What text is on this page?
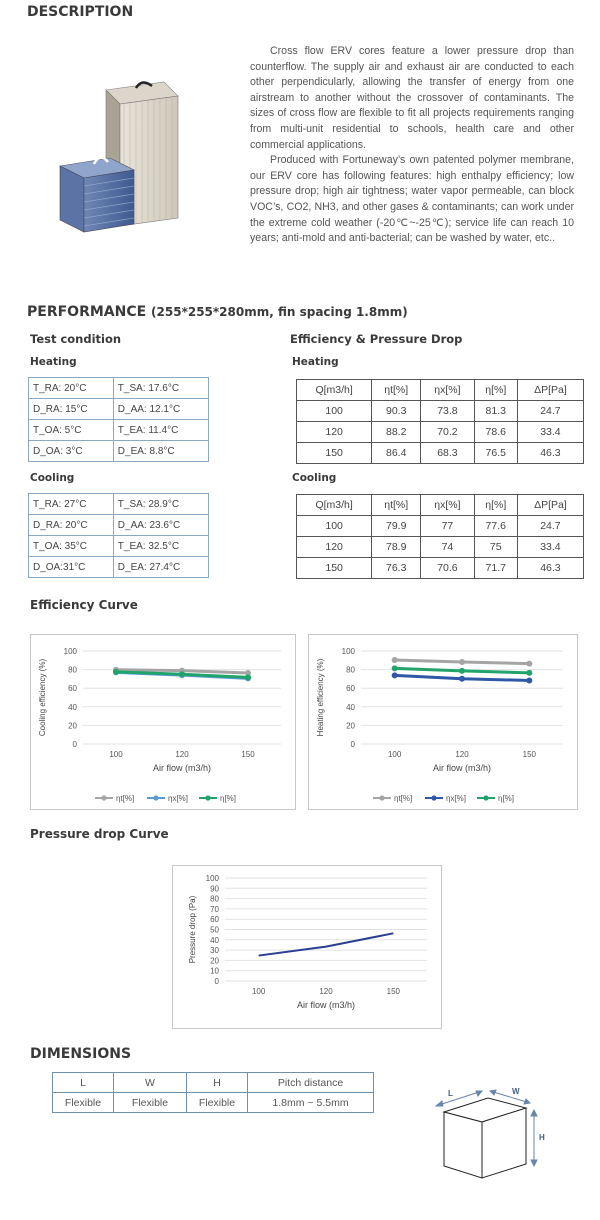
DESCRIPTION

Cross flow ERV cores feature a lower pressure drop than counterflow. The supply air and exhaust air are conducted to each other perpendicularly, allowing the transfer of energy from one airstream to another without the crossover of contaminants. The sizes of cross flow are flexible to fit all projects requirements ranging from multi-unit residential to schools, health care and other commercial applications.

Produced with Fortuneway’s own patented polymer membrane, our ERV core has following features: high enthalpy efficiency; low pressure drop; high air tightness; water vapor permeable, can block VOC’s, CO2, NH3, and other gases & contaminants; can work under the extreme cold weather (-20℃~-25℃); service life can reach 10 years; anti-mold and anti-bacterial; can be washed by water, etc..

PERFORMANCE (255*255*280mm, fin spacing 1.8mm)
Test condition	Efficiency & Pressure Drop
Heating	Heating
T_RA: 20°C	T_SA: 17.6°C
D_RA: 15°C	D_AA: 12.1°C
T_OA: 5°C	T_EA: 11.4°C
D_OA: 3°C	D_EA: 8.8°C
Q[m3/h]	ηt[%]	ηx[%]	η[%]	ΔP[Pa]
100	90.3	73.8	81.3	24.7
120	88.2	70.2	78.6	33.4
150	86.4	68.3	76.5	46.3
Cooling	Cooling
T_RA: 27°C	T_SA: 28.9°C
D_RA: 20°C	D_AA: 23.6°C
T_OA: 35°C	T_EA: 32.5°C
D_OA:31°C	D_EA: 27.4°C
Q[m3/h]	ηt[%]	ηx[%]	η[%]	ΔP[Pa]
100	79.9	77	77.6	24.7
120	78.9	74	75	33.4
150	76.3	70.6	71.7	46.3
Efficiency Curve
0
20
40
60
80
100
100	120	150
Air flow (m3/h)
Cooling efficiency (%)
ηt[%]	ηx[%]	η[%]
0
20
40
60
80
100
100	120	150
Air flow (m3/h)
Heating efficiency (%)
ηt[%]	ηx[%]	η[%]
Pressure drop Curve
0
10
20
30
40
50
60
70
80
90
100
100	120	150
Air flow (m3/h)
Pressure drop (Pa)
DIMENSIONS
L	W	H	Pitch distance
Flexible	Flexible	Flexible	1.8mm ~ 5.5mm
L	W
H
